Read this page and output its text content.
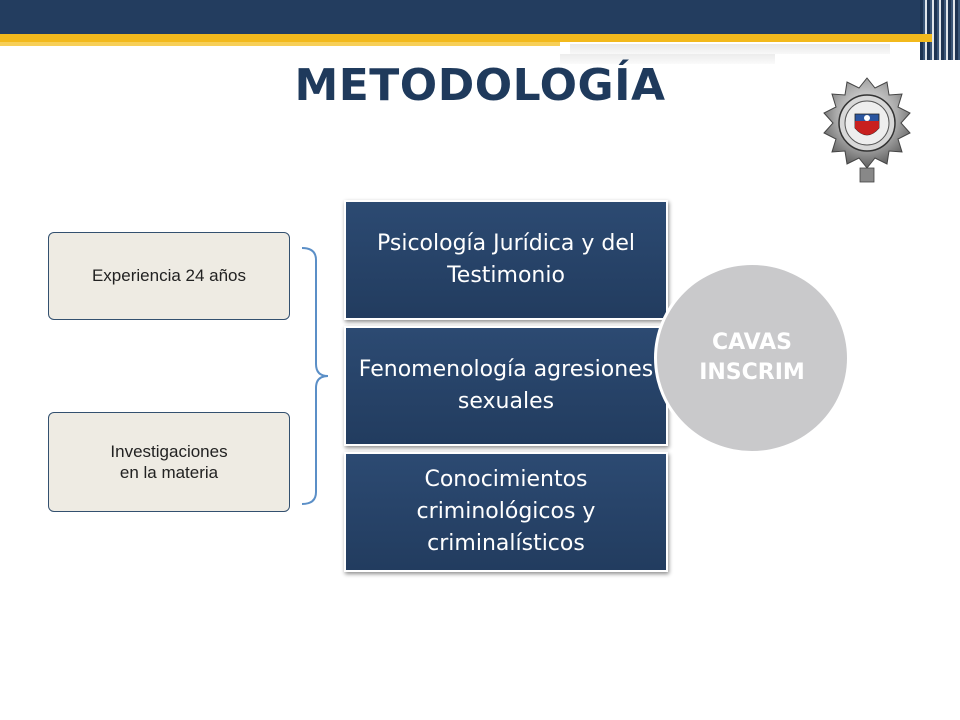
METODOLOGÍA
Experiencia 24 años
Investigaciones
en la materia
Psicología Jurídica y del Testimonio
Fenomenología agresiones sexuales
Conocimientos criminológicos y criminalísticos
CAVAS
INSCRIM
